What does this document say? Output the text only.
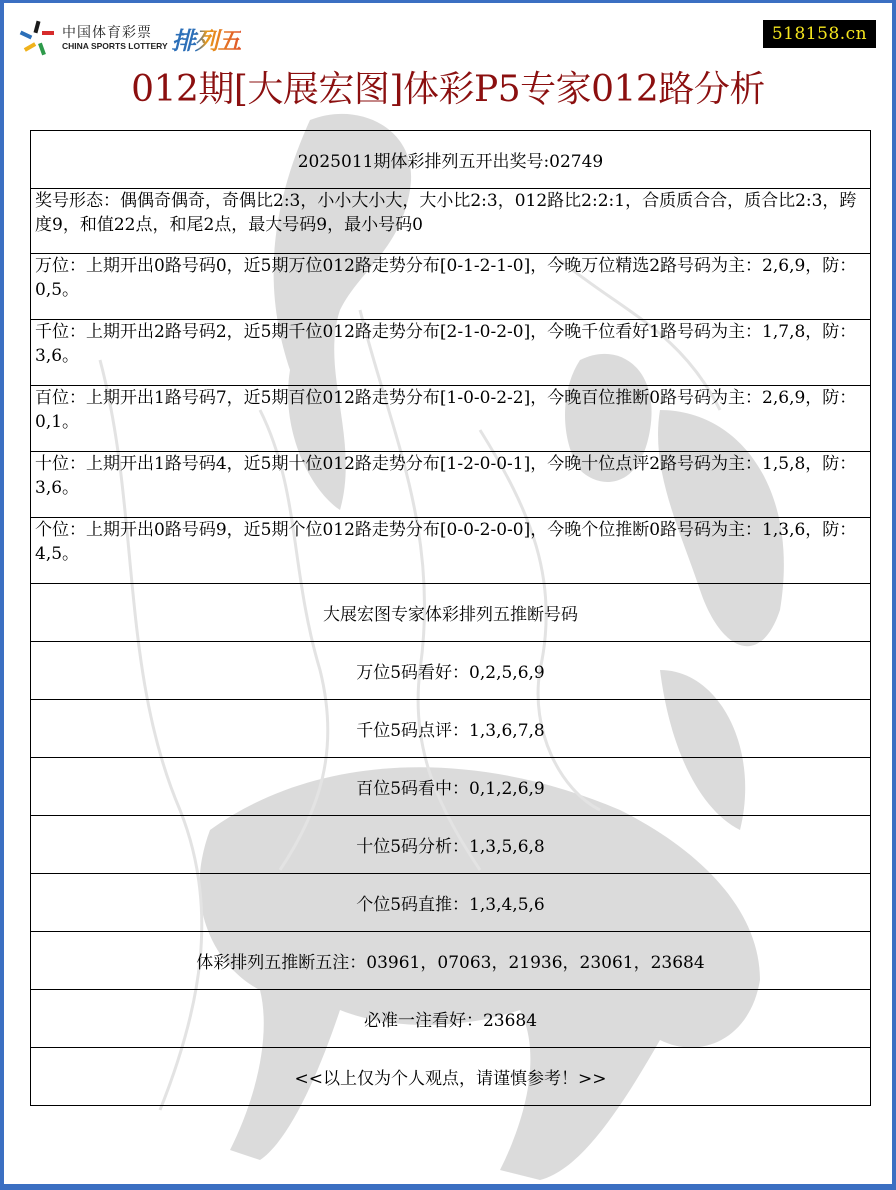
中国体育彩票
CHINA SPORTS LOTTERY 排列五	518158.cn
012期[大展宏图]体彩P5专家012路分析
2025011期体彩排列五开出奖号:02749
奖号形态：偶偶奇偶奇，奇偶比2:3，小小大小大，大小比2:3，012路比2:2:1，合质质合合，质合比2:3，跨度9，和值22点，和尾2点，最大号码9，最小号码0
万位：上期开出0路号码0，近5期万位012路走势分布[0-1-2-1-0]，今晚万位精选2路号码为主：2,6,9，防：0,5。
千位：上期开出2路号码2，近5期千位012路走势分布[2-1-0-2-0]，今晚千位看好1路号码为主：1,7,8，防：3,6。
百位：上期开出1路号码7，近5期百位012路走势分布[1-0-0-2-2]，今晚百位推断0路号码为主：2,6,9，防：0,1。
十位：上期开出1路号码4，近5期十位012路走势分布[1-2-0-0-1]，今晚十位点评2路号码为主：1,5,8，防：3,6。
个位：上期开出0路号码9，近5期个位012路走势分布[0-0-2-0-0]，今晚个位推断0路号码为主：1,3,6，防：4,5。
大展宏图专家体彩排列五推断号码
万位5码看好：0,2,5,6,9
千位5码点评：1,3,6,7,8
百位5码看中：0,1,2,6,9
十位5码分析：1,3,5,6,8
个位5码直推：1,3,4,5,6
体彩排列五推断五注：03961，07063，21936，23061，23684
必准一注看好：23684
<<以上仅为个人观点，请谨慎参考！>>
